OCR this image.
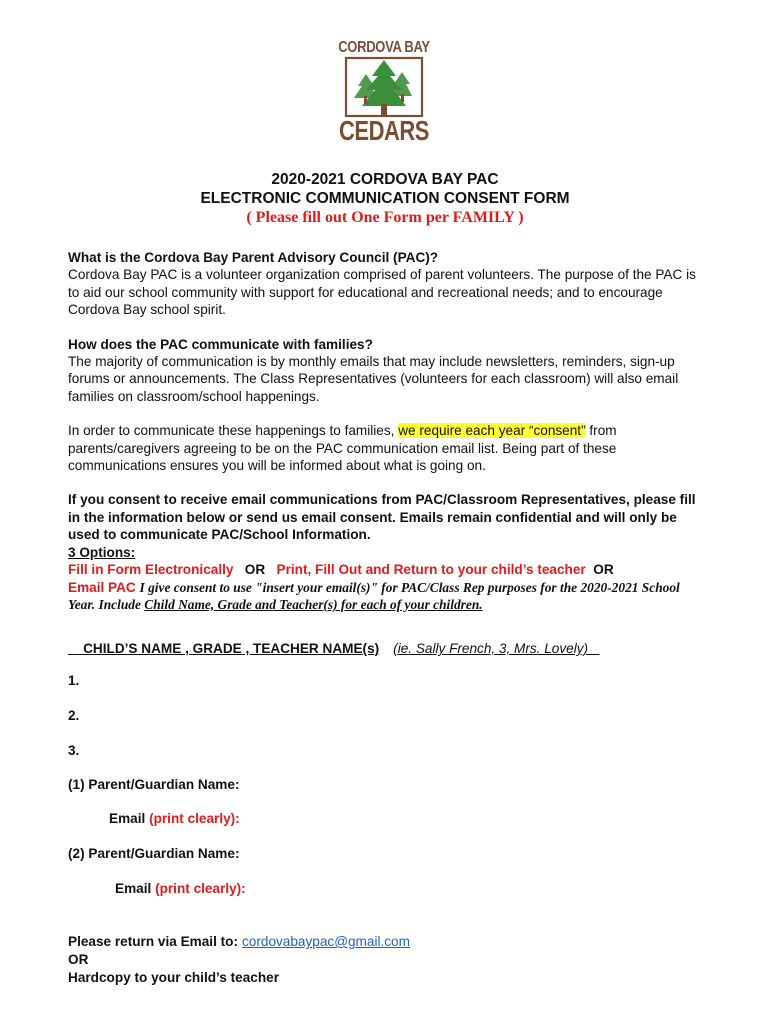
CORDOVA BAY
CEDARS
2020-2021 CORDOVA BAY PAC
ELECTRONIC COMMUNICATION CONSENT FORM
( Please fill out One Form per FAMILY )

What is the Cordova Bay Parent Advisory Council (PAC)?

Cordova Bay PAC is a volunteer organization comprised of parent volunteers. The purpose of the PAC is to aid our school community with support for educational and recreational needs; and to encourage Cordova Bay school spirit.

How does the PAC communicate with families?

The majority of communication is by monthly emails that may include newsletters, reminders, sign-up forums or announcements. The Class Representatives (volunteers for each classroom) will also email families on classroom/school happenings.

In order to communicate these happenings to families, we require each year “consent” from parents/caregivers agreeing to be on the PAC communication email list. Being part of these communications ensures you will be informed about what is going on.

If you consent to receive email communications from PAC/Classroom Representatives, please fill in the information below or send us email consent. Emails remain confidential and will only be used to communicate PAC/School Information.

3 Options:

Fill in Form Electronically OR Print, Fill Out and Return to your child’s teacher OR

Email PAC I give consent to use "insert your email(s)" for PAC/Class Rep purposes for the 2020-2021 School Year. Include Child Name, Grade and Teacher(s) for each of your children.

__CHILD’S NAME , GRADE , TEACHER NAME(s) (ie. Sally French, 3, Mrs. Lovely) _
1.
2.
3.
(1) Parent/Guardian Name:
Email (print clearly):
(2) Parent/Guardian Name:
Email (print clearly):
Please return via Email to: cordovabaypac@gmail.com
OR
Hardcopy to your child’s teacher
